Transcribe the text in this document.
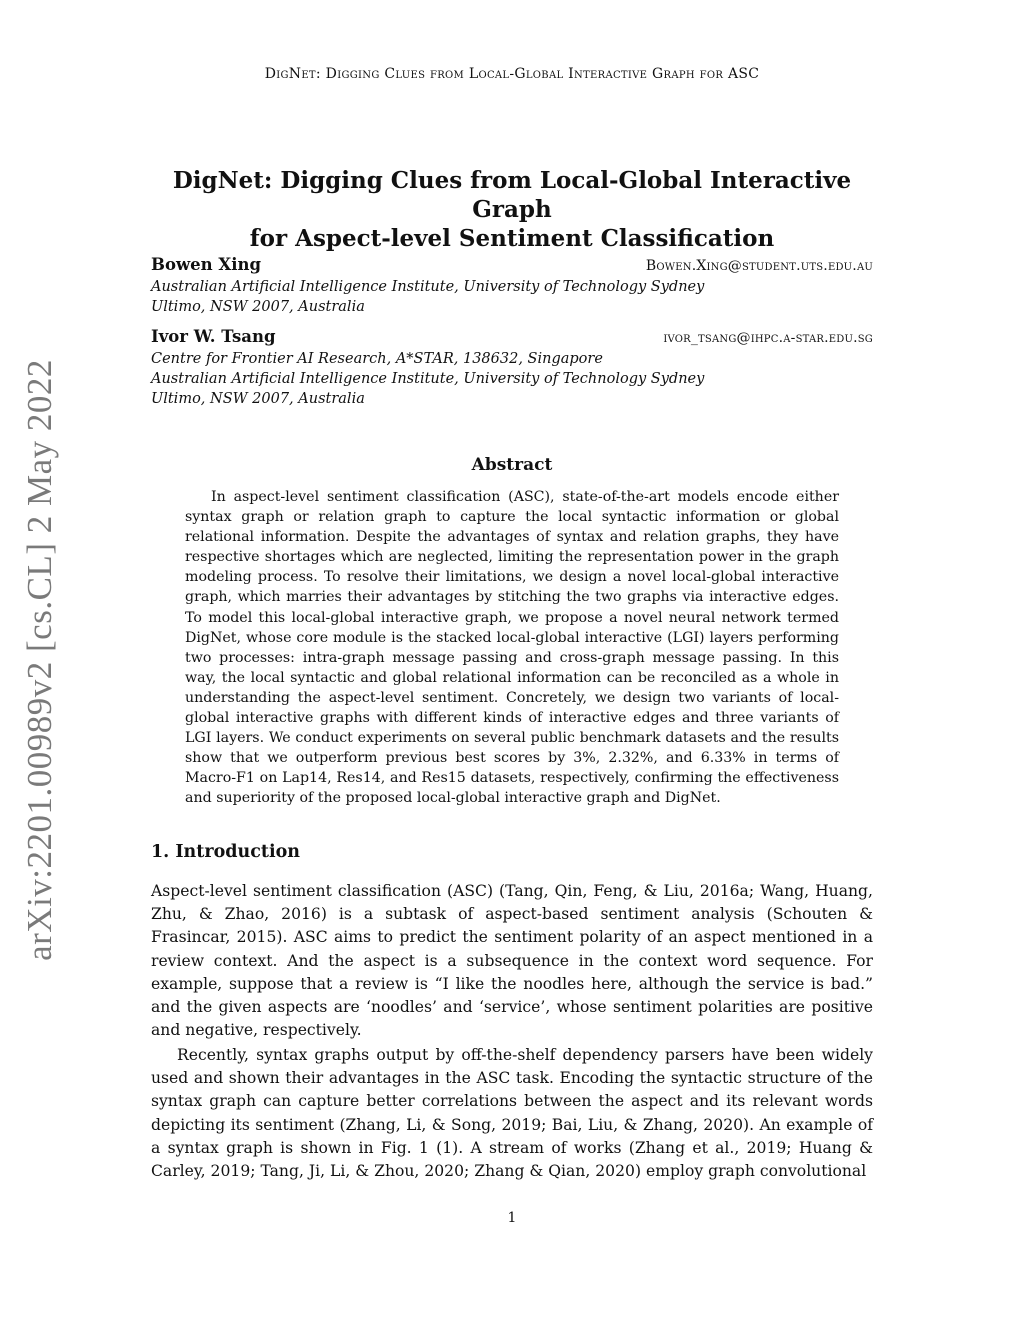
DigNet: Digging Clues from Local-Global Interactive Graph for ASC
arXiv:2201.00989v2 [cs.CL] 2 May 2022
DigNet: Digging Clues from Local-Global Interactive Graph
for Aspect-level Sentiment Classification
Bowen Xing	Bowen.Xing@student.uts.edu.au
Australian Artificial Intelligence Institute, University of Technology Sydney
Ultimo, NSW 2007, Australia
Ivor W. Tsang	ivor_tsang@ihpc.a-star.edu.sg
Centre for Frontier AI Research, A*STAR, 138632, Singapore
Australian Artificial Intelligence Institute, University of Technology Sydney
Ultimo, NSW 2007, Australia
Abstract
In aspect-level sentiment classification (ASC), state-of-the-art models encode either syntax graph or relation graph to capture the local syntactic information or global relational information. Despite the advantages of syntax and relation graphs, they have respective shortages which are neglected, limiting the representation power in the graph modeling process. To resolve their limitations, we design a novel local-global interactive graph, which marries their advantages by stitching the two graphs via interactive edges. To model this local-global interactive graph, we propose a novel neural network termed DigNet, whose core module is the stacked local-global interactive (LGI) layers performing two processes: intra-graph message passing and cross-graph message passing. In this way, the local syntactic and global relational information can be reconciled as a whole in understanding the aspect-level sentiment. Concretely, we design two variants of local-global interactive graphs with different kinds of interactive edges and three variants of LGI layers. We conduct experiments on several public benchmark datasets and the results show that we outperform previous best scores by 3%, 2.32%, and 6.33% in terms of Macro-F1 on Lap14, Res14, and Res15 datasets, respectively, confirming the effectiveness and superiority of the proposed local-global interactive graph and DigNet.
1. Introduction
Aspect-level sentiment classification (ASC) (Tang, Qin, Feng, & Liu, 2016a; Wang, Huang, Zhu, & Zhao, 2016) is a subtask of aspect-based sentiment analysis (Schouten & Frasincar, 2015). ASC aims to predict the sentiment polarity of an aspect mentioned in a review context. And the aspect is a subsequence in the context word sequence. For example, suppose that a review is “I like the noodles here, although the service is bad.” and the given aspects are ‘noodles’ and ‘service’, whose sentiment polarities are positive and negative, respectively.
Recently, syntax graphs output by off-the-shelf dependency parsers have been widely used and shown their advantages in the ASC task. Encoding the syntactic structure of the syntax graph can capture better correlations between the aspect and its relevant words depicting its sentiment (Zhang, Li, & Song, 2019; Bai, Liu, & Zhang, 2020). An example of a syntax graph is shown in Fig. 1 (1). A stream of works (Zhang et al., 2019; Huang & Carley, 2019; Tang, Ji, Li, & Zhou, 2020; Zhang & Qian, 2020) employ graph convolutional
1
